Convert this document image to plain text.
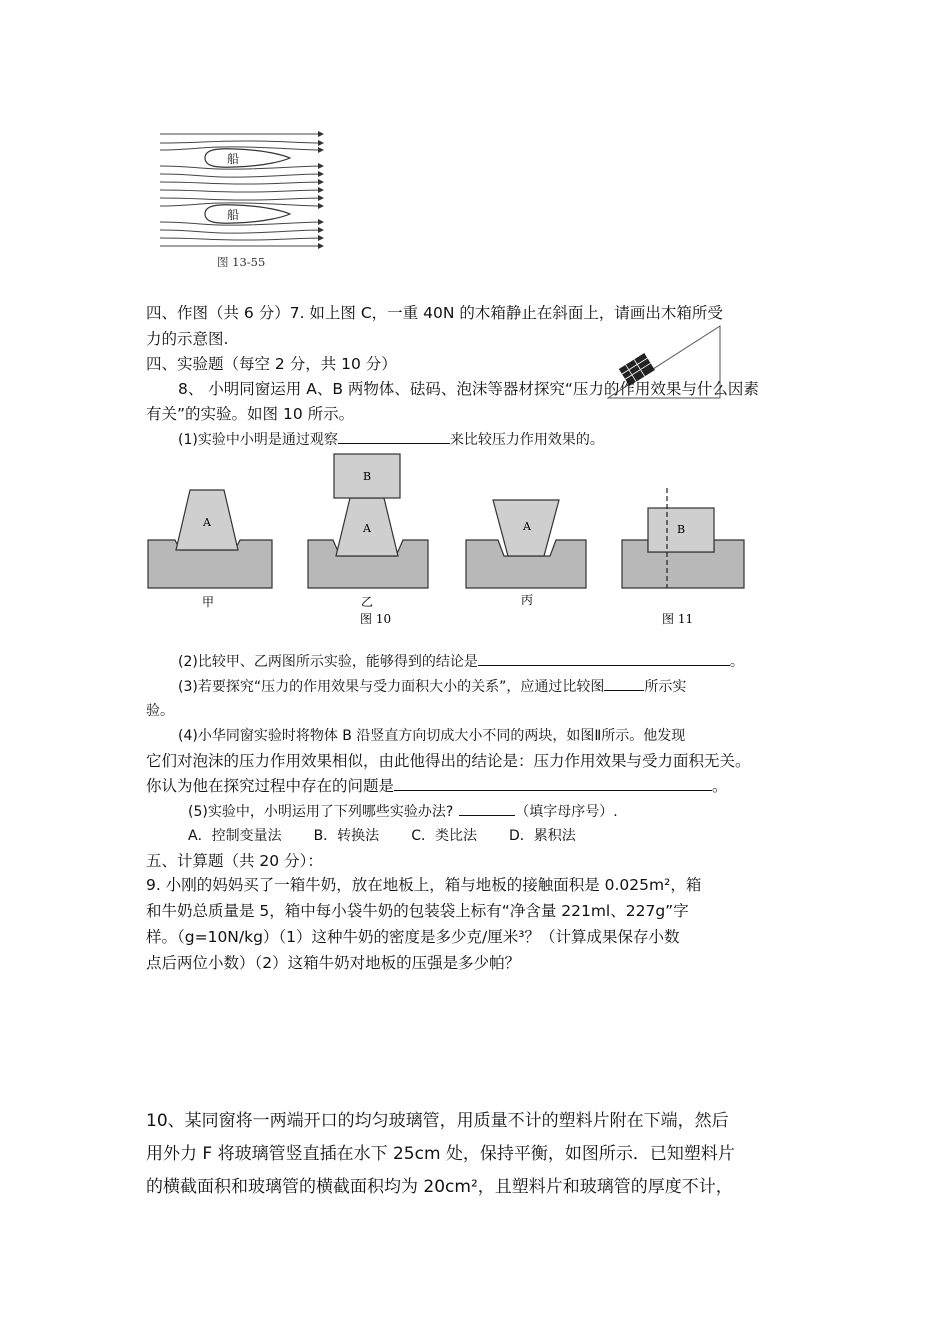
船
船
图 13-55
四、作图（共 6 分）7. 如上图 C，一重 40N 的木箱静止在斜面上，请画出木箱所受
力的示意图.
四、实验题（每空 2 分，共 10 分）
8、 小明同窗运用 A、B 两物体、砝码、泡沫等器材探究“压力的作用效果与什么因素
有关”的实验。如图 10 所示。
(1)实验中小明是通过观察	来比较压力作用效果的。
A
甲
B
A
乙
A
丙
图 10
B
图 11
(2)比较甲、乙两图所示实验，能够得到的结论是	。
(3)若要探究“压力的作用效果与受力面积大小的关系”，应通过比较图	所示实
验。
(4)小华同窗实验时将物体 B 沿竖直方向切成大小不同的两块，如图Ⅱ所示。他发现
它们对泡沫的压力作用效果相似，由此他得出的结论是：压力作用效果与受力面积无关。
你认为他在探究过程中存在的问题是	。
(5)实验中，小明运用了下列哪些实验办法?	（填字母序号）.
A．控制变量法 B．转换法 C．类比法 D．累积法
五、计算题（共 20 分）：
9. 小刚的妈妈买了一箱牛奶，放在地板上，箱与地板的接触面积是 0.025m²，箱
和牛奶总质量是 5，箱中每小袋牛奶的包装袋上标有“净含量 221ml、227g”字
样。（g=10N/kg）（1）这种牛奶的密度是多少克/厘米³？（计算成果保存小数
点后两位小数）（2）这箱牛奶对地板的压强是多少帕？
10、某同窗将一两端开口的均匀玻璃管，用质量不计的塑料片附在下端，然后
用外力 F 将玻璃管竖直插在水下 25cm 处，保持平衡，如图所示．已知塑料片
的横截面积和玻璃管的横截面积均为 20cm²，且塑料片和玻璃管的厚度不计，
